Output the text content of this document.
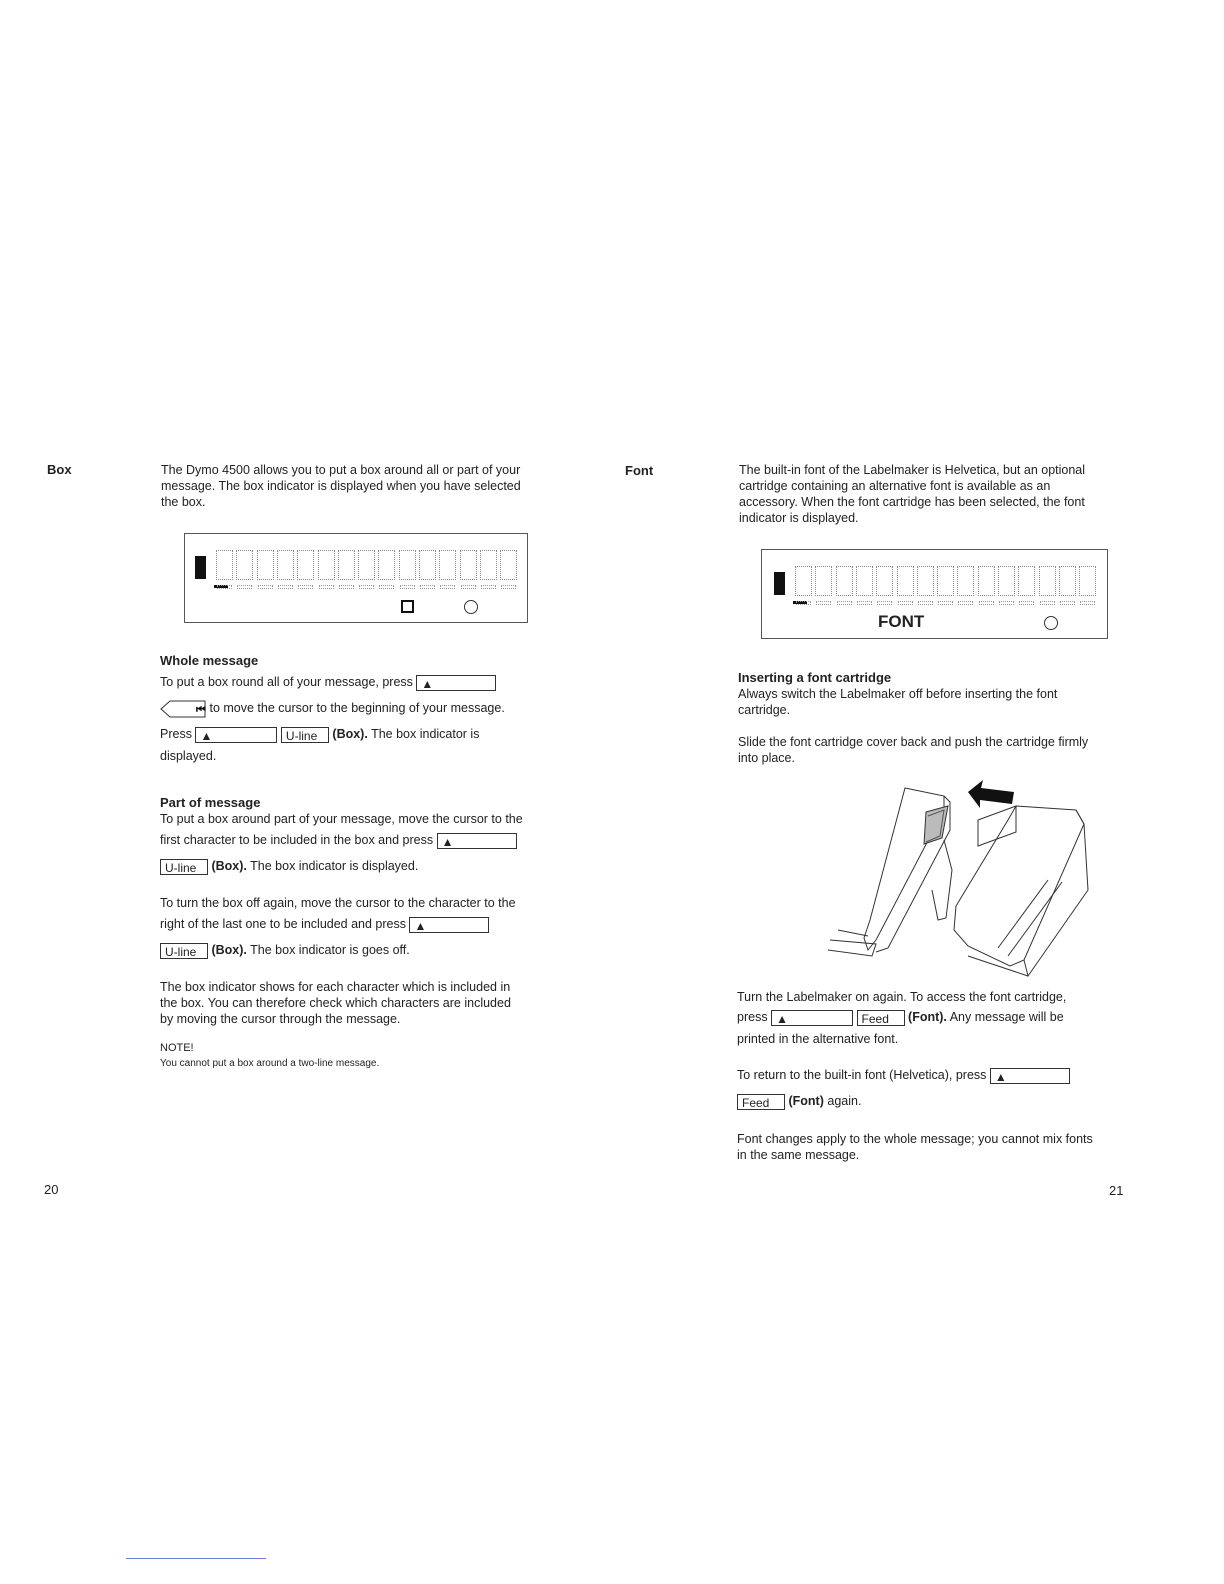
Box	The Dymo 4500 allows you to put a box around all or part of your

message. The box indicator is displayed when you have selected

the box.

Whole message
To put a box round all of your message, press ▲
⏮ to move the cursor to the beginning of your message.
Press ▲	U-line (Box). The box indicator is
displayed.
Part of message
To put a box around part of your message, move the cursor to the
first character to be included in the box and press ▲
U-line (Box). The box indicator is displayed.
To turn the box off again, move the cursor to the character to the
right of the last one to be included and press ▲
U-line (Box). The box indicator is goes off.

The box indicator shows for each character which is included in

the box. You can therefore check which characters are included

by moving the cursor through the message.

NOTE!
You cannot put a box around a two-line message.
20
Font	The built-in font of the Labelmaker is Helvetica, but an optional

cartridge containing an alternative font is available as an

accessory. When the font cartridge has been selected, the font

indicator is displayed.

FONT
Inserting a font cartridge
Always switch the Labelmaker off before inserting the font
cartridge.
Slide the font cartridge cover back and push the cartridge firmly
into place.
Turn the Labelmaker on again. To access the font cartridge,
press ▲	Feed (Font). Any message will be
printed in the alternative font.
To return to the built-in font (Helvetica), press ▲
Feed (Font) again.

Font changes apply to the whole message; you cannot mix fonts

in the same message.

21
